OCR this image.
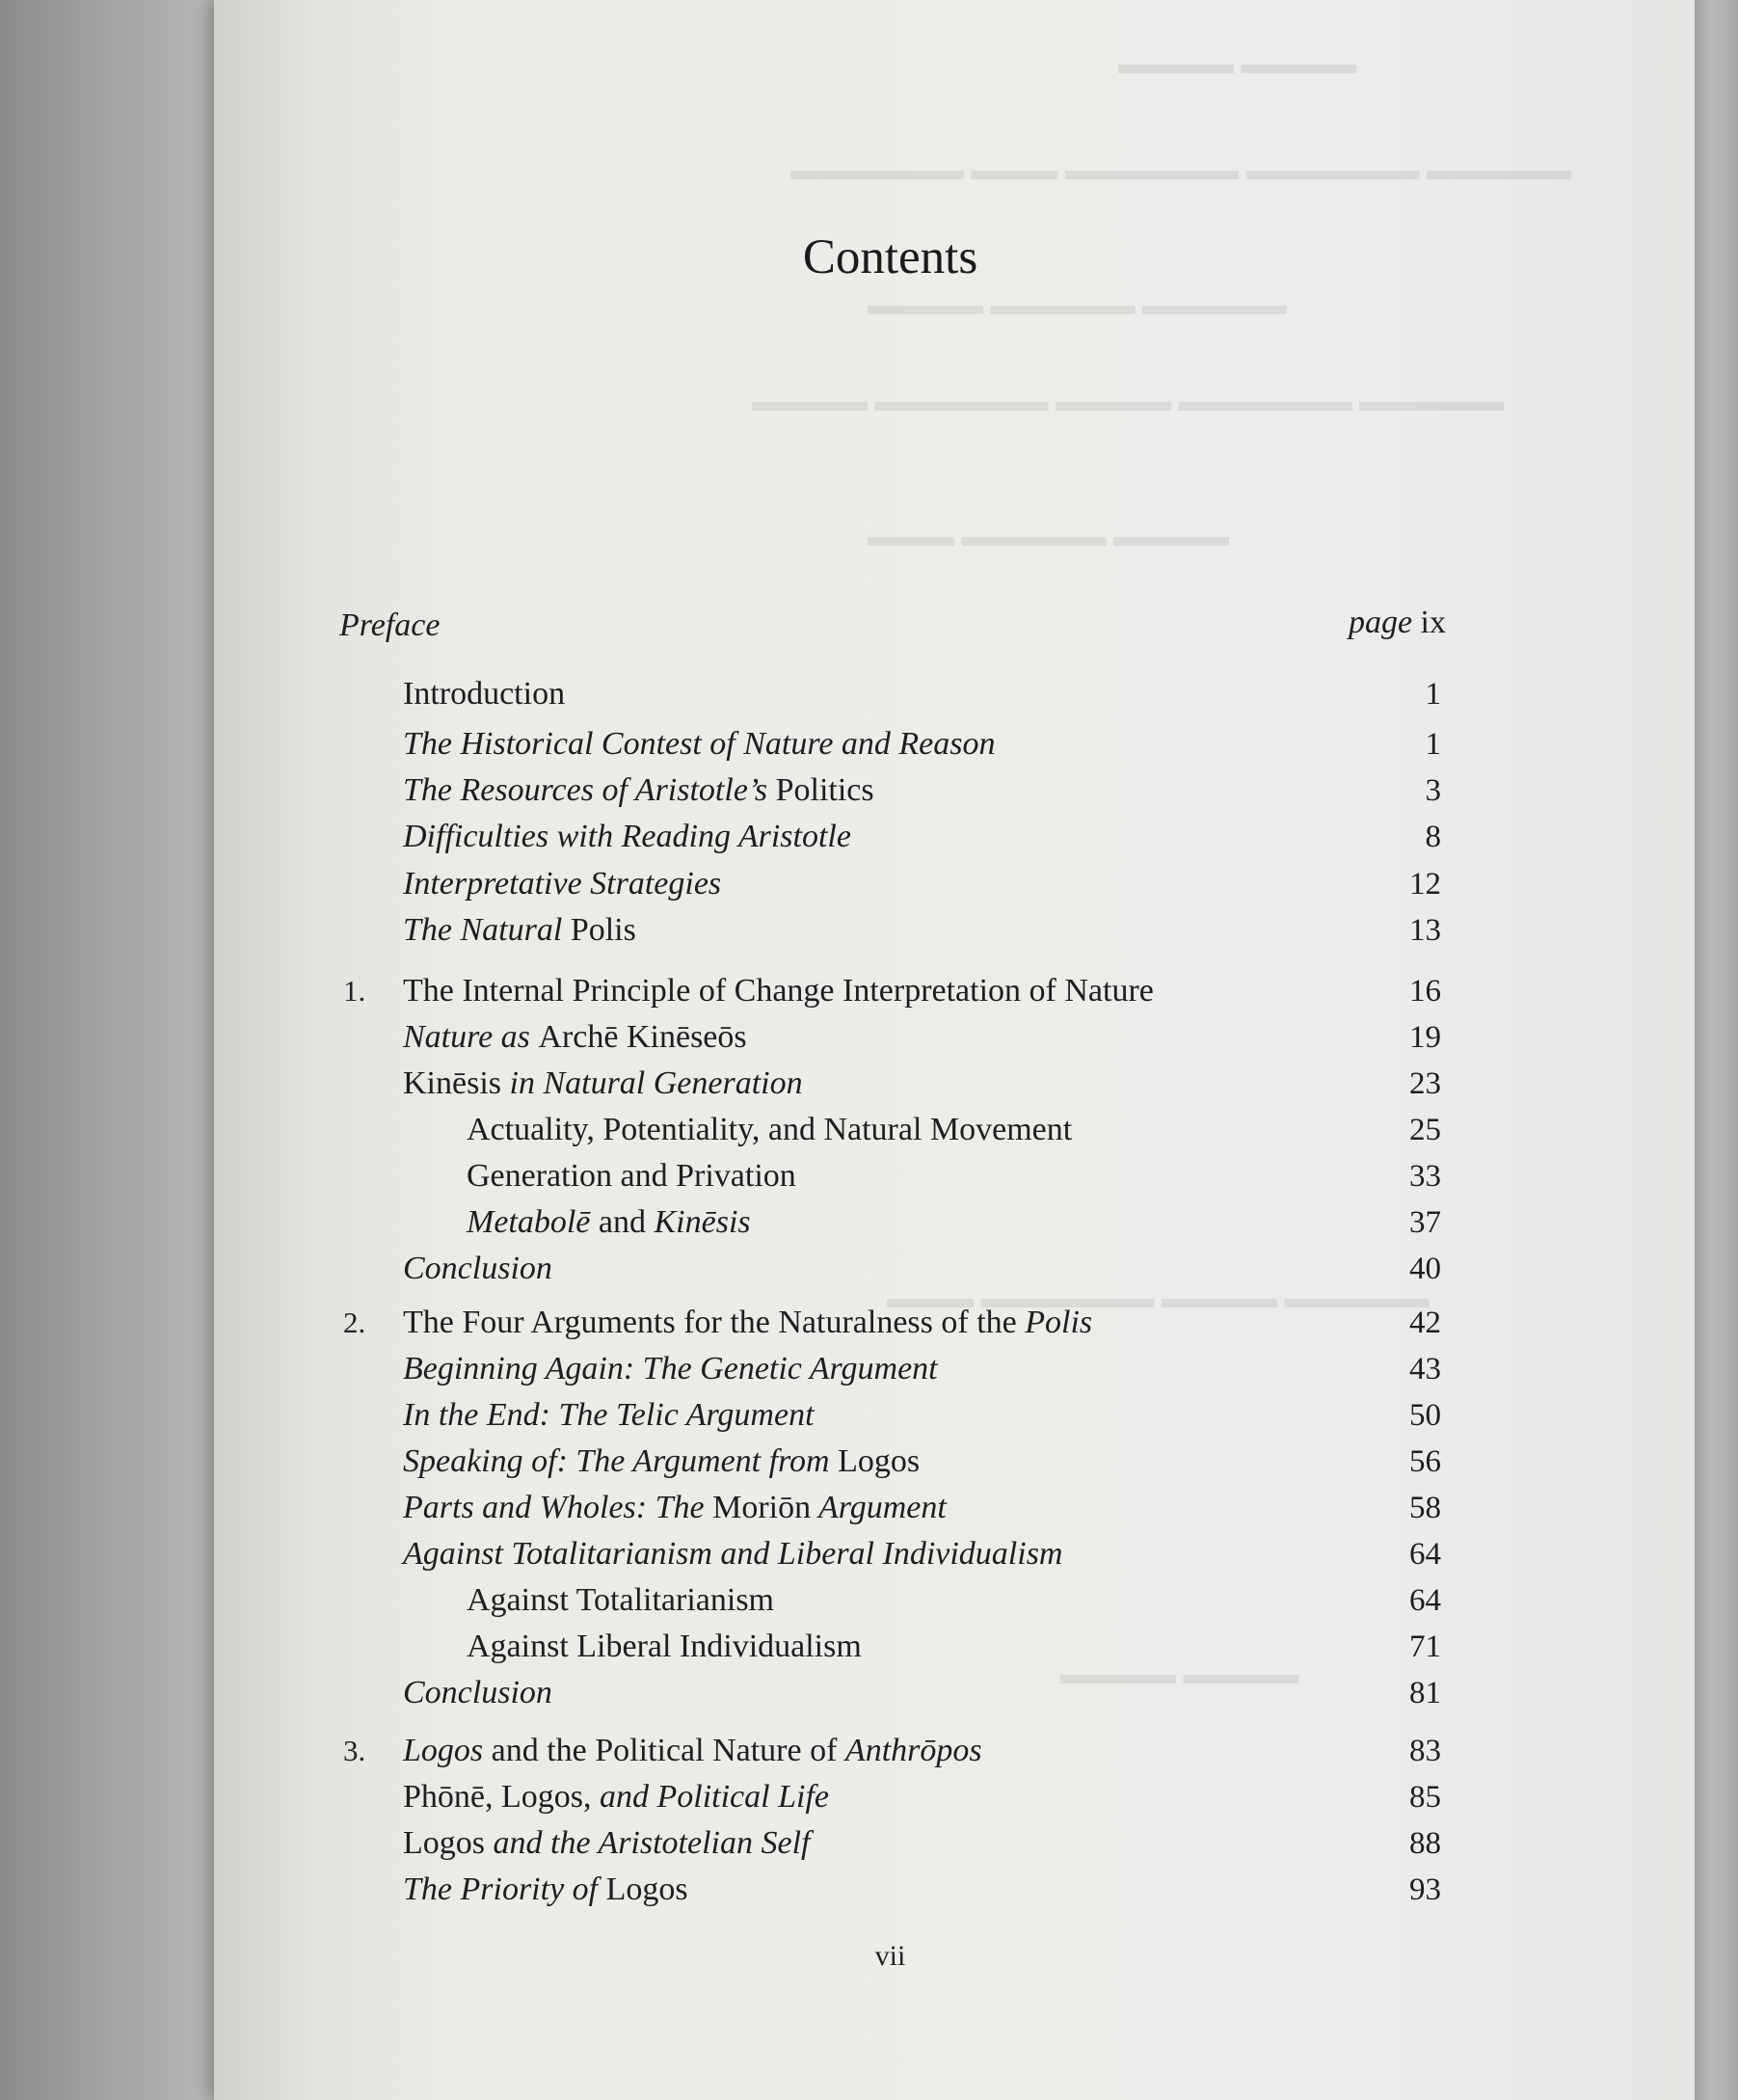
Contents
Preface	page ix
Introduction	1
The Historical Contest of Nature and Reason	1
The Resources of Aristotle’s Politics	3
Difficulties with Reading Aristotle	8
Interpretative Strategies	12
The Natural Polis	13
1. The Internal Principle of Change Interpretation of Nature	16
Nature as Archē Kinēseōs	19
Kinēsis in Natural Generation	23
Actuality, Potentiality, and Natural Movement	25
Generation and Privation	33
Metabolē and Kinēsis	37
Conclusion	40
2. The Four Arguments for the Naturalness of the Polis	42
Beginning Again: The Genetic Argument	43
In the End: The Telic Argument	50
Speaking of: The Argument from Logos	56
Parts and Wholes: The Moriōn Argument	58
Against Totalitarianism and Liberal Individualism	64
Against Totalitarianism	64
Against Liberal Individualism	71
Conclusion	81
3. Logos and the Political Nature of Anthrōpos	83
Phōnē, Logos, and Political Life	85
Logos and the Aristotelian Self	88
The Priority of Logos	93
vii
